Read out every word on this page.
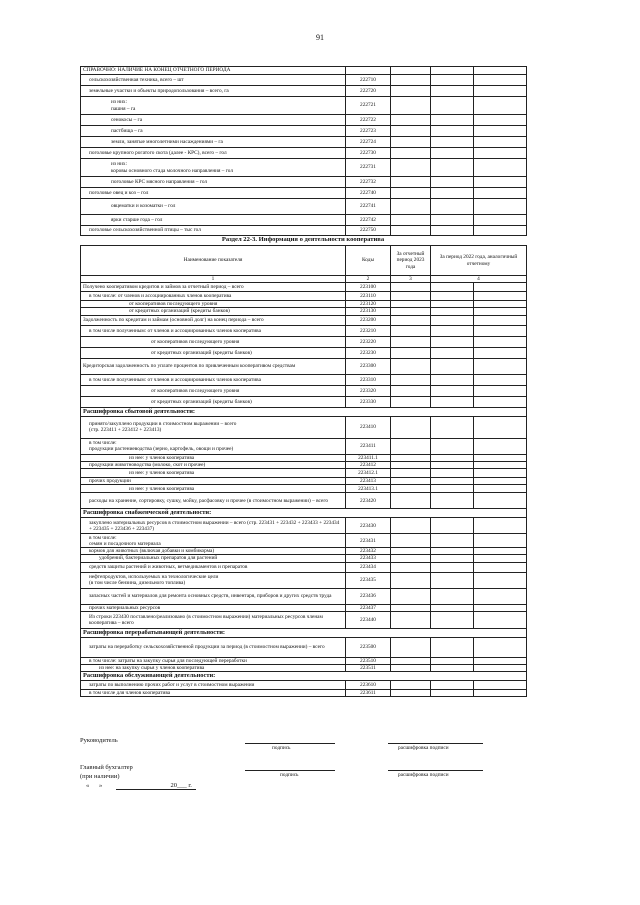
91
СПРАВОЧНО: НАЛИЧИЕ НА КОНЕЦ ОТЧЕТНОГО ПЕРИОДА				
сельскохозяйственная техника, всего – шт	222710			
земельные участки и объекты природопользования – всего, га	222720			
из них:
пашня – га	222721			
сенокосы – га	222722			
пастбища – га	222723			
земли, занятые многолетними насаждениями – га	222724			
поголовье крупного рогатого скота (далее - КРС), всего – гол	222730			
из них:
коровы основного стада молочного направления – гол	222731			
поголовье КРС мясного направления – гол	222732			
поголовье овец и коз – гол	222740			
овцематки и козоматки – гол	222741			
ярки старше года – гол	222742			
поголовье сельскохозяйственной птицы – тыс гол	222750			
Раздел 22-3. Информация о деятельности кооператива
Наименование показателя	Коды	За отчетный период 2023 года	За период 2022 года, аналогичный отчетному	
1	2	3	4	
Получено кооперативом кредитов и займов за отчетный период – всего	223100			
в том числе: от членов и ассоциированных членов кооператива	223110			
от кооперативов последующего уровня	223120			
от кредитных организаций (кредиты банков)	223130			
Задолженность по кредитам и займам (основной долг) на конец периода – всего	223200			
в том числе полученным: от членов и ассоциированных членов кооператива	223210			
от кооперативов последующего уровня	223220			
от кредитных организаций (кредиты банков)	223230			
Кредиторская задолженность по уплате процентов по привлеченным кооперативом средствам	223300			
в том числе полученным: от членов и ассоциированных членов кооператива	223310			
от кооперативов последующего уровня	223320			
от кредитных организаций (кредиты банков)	223330			
Расшифровка сбытовой деятельности:				
принято/закуплено продукции в стоимостном выражении – всего
(стр. 223411 + 223412 + 223413)	223410			
в том числе:
продукции растениеводства (зерно, картофель, овощи и прочее)	223411			
из нее: у членов кооператива	223411.1			
продукции животноводства (молоко, скот и прочее)	223412			
из нее: у членов кооператива	223412.1			
прочих продукции	223413			
из нее: у членов кооператива	223413.1			
расходы на хранение, сортировку, сушку, мойку, расфасовку и прочее (в стоимостном выражении) – всего	223420			
Расшифровка снабженческой деятельности:				
закуплено материальных ресурсов в стоимостном выражении – всего (стр. 223431 + 223432 + 223433 + 223434 + 223435 + 223436 + 223437)	223430			
в том числе:
семян и посадочного материала	223431			
кормов для животных (включая добавки и комбикорма)	223432			
удобрений, бактериальных препаратов для растений	223433			
средств защиты растений и животных, ветмедикаментов и препаратов	223434			
нефтепродуктов, используемых на технологические цели
(в том числе бензина, дизельного топлива)	223435			
запасных частей и материалов для ремонта основных средств, инвентаря, приборов и других средств труда	223436			
прочих материальных ресурсов	223437			
Из строки 223430 поставлено/реализовано (в стоимостном выражении) материальных ресурсов членам кооператива – всего	223440			
Расшифровка перерабатывающей деятельности:				
затраты на переработку сельскохозяйственной продукции за период (в стоимостном выражении) – всего	223500			
в том числе: затраты на закупку сырья для последующей переработки	223510			
из нее: на закупку сырья у членов кооператива	223511			
Расшифровка обслуживающей деятельности:				
затраты по выполнению прочих работ и услуг в стоимостном выражении	223610			
в том числе для членов кооператива	223611			
Руководитель
подпись	расшифровка подписи
Главный бухгалтер
(при наличии)	подпись	расшифровка подписи
«      »                                          20___ г.
